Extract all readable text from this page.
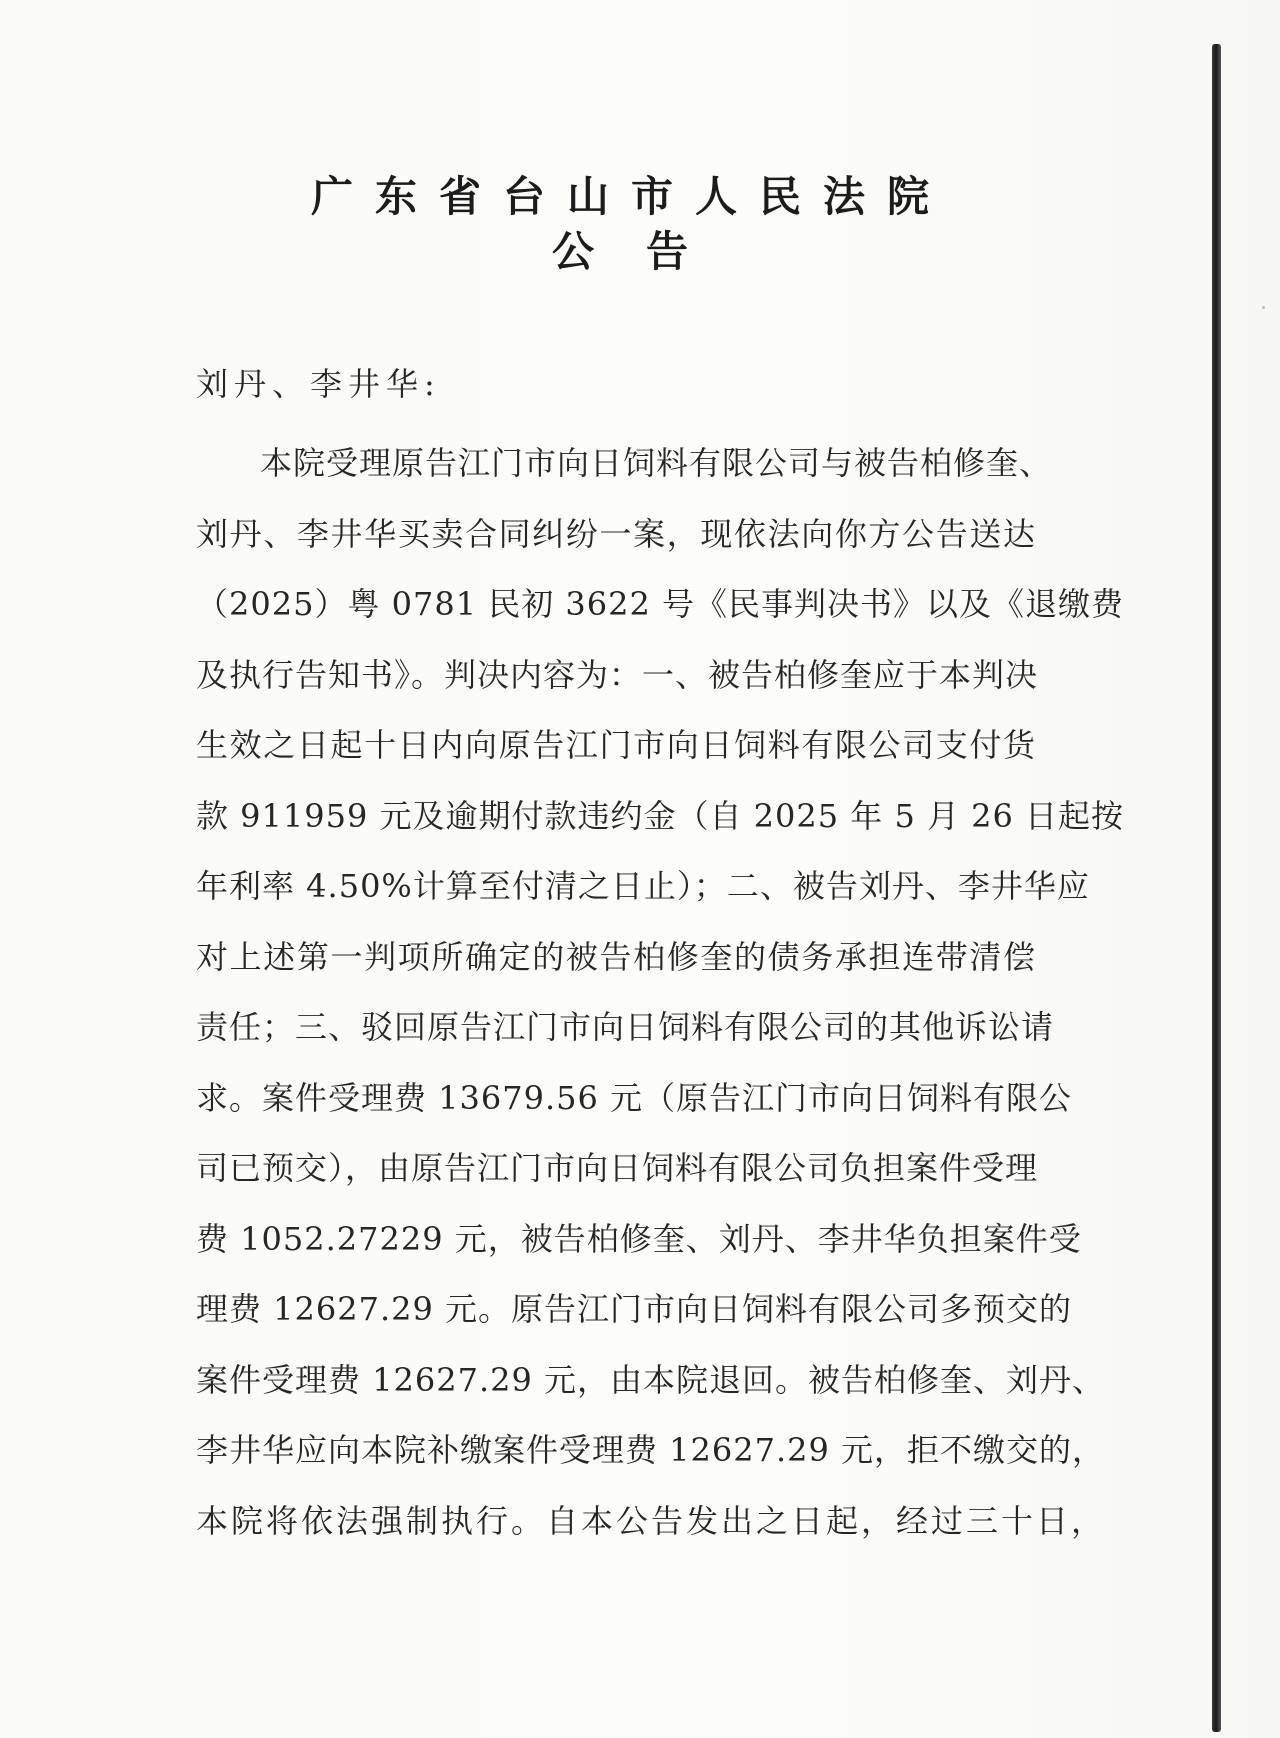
广东省台山市人民法院
公告
刘丹、李井华:
本院受理原告江门市向日饲料有限公司与被告柏修奎、
刘丹、李井华买卖合同纠纷一案，现依法向你方公告送达
（2025）粤 0781 民初 3622 号《民事判决书》以及《退缴费
及执行告知书》。判决内容为：一、被告柏修奎应于本判决
生效之日起十日内向原告江门市向日饲料有限公司支付货
款 911959 元及逾期付款违约金（自 2025 年 5 月 26 日起按
年利率 4.50%计算至付清之日止）；二、被告刘丹、李井华应
对上述第一判项所确定的被告柏修奎的债务承担连带清偿
责任；三、驳回原告江门市向日饲料有限公司的其他诉讼请
求。案件受理费 13679.56 元（原告江门市向日饲料有限公
司已预交），由原告江门市向日饲料有限公司负担案件受理
费 1052.27229 元，被告柏修奎、刘丹、李井华负担案件受
理费 12627.29 元。原告江门市向日饲料有限公司多预交的
案件受理费 12627.29 元，由本院退回。被告柏修奎、刘丹、
李井华应向本院补缴案件受理费 12627.29 元，拒不缴交的，
本院将依法强制执行。自本公告发出之日起，经过三十日，
